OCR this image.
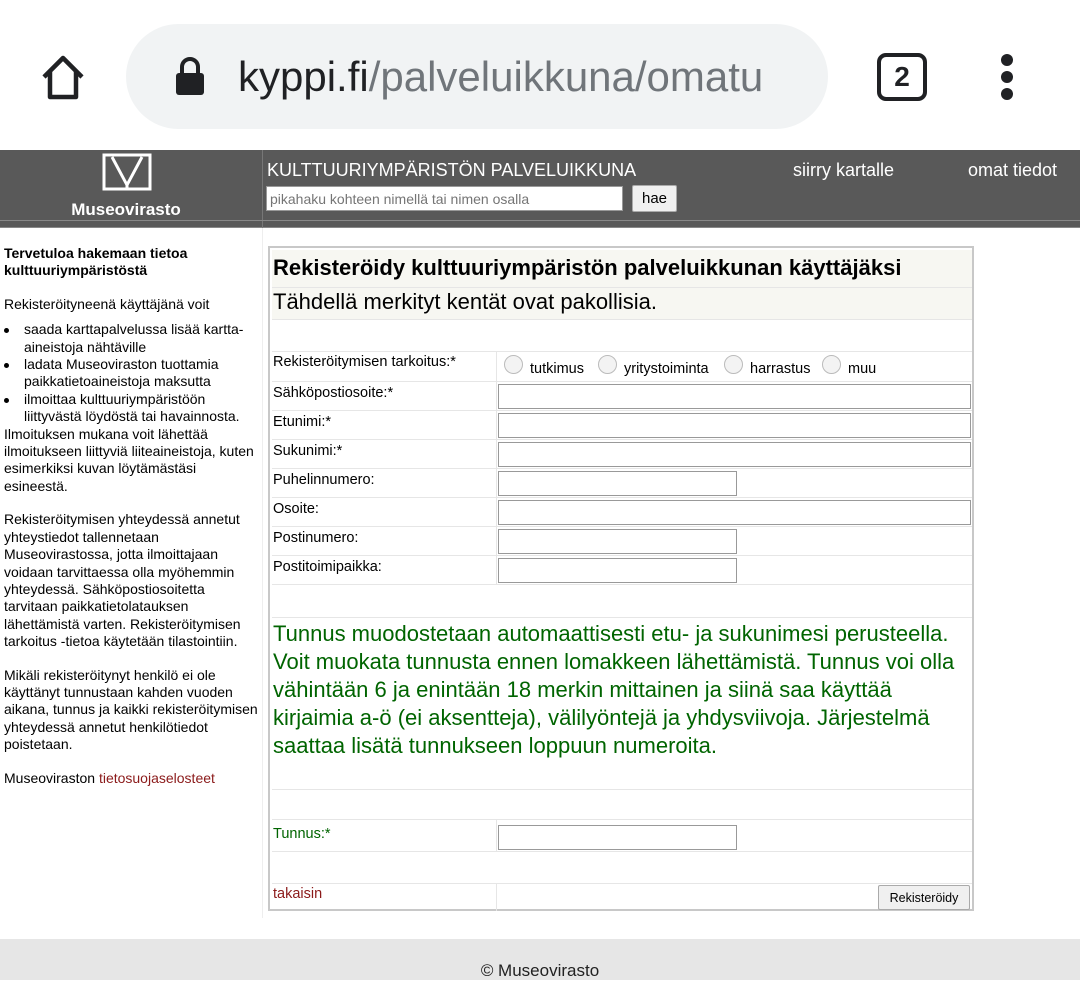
kyppi.fi/palveluikkuna/omatu	2
Museovirasto
KULTTUURIYMPÄRISTÖN PALVELUIKKUNA	siirry kartalle	omat tiedot
pikahaku kohteen nimellä tai nimen osalla
hae
Tervetuloa hakemaan tietoa kulttuuriympäristöstä
Rekisteröityneenä käyttäjänä voit
saada karttapalvelussa lisää kartta-aineistoja nähtäville
ladata Museoviraston tuottamia paikkatietoaineistoja maksutta
ilmoittaa kulttuuriympäristöön liittyvästä löydöstä tai havainnosta.
Ilmoituksen mukana voit lähettää ilmoitukseen liittyviä liiteaineistoja, kuten esimerkiksi kuvan löytämästäsi esineestä.
Rekisteröitymisen yhteydessä annetut yhteystiedot tallennetaan Museovirastossa, jotta ilmoittajaan voidaan tarvittaessa olla myöhemmin yhteydessä. Sähköpostiosoitetta tarvitaan paikkatietolatauksen lähettämistä varten. Rekisteröitymisen tarkoitus -tietoa käytetään tilastointiin.
Mikäli rekisteröitynyt henkilö ei ole käyttänyt tunnustaan kahden vuoden aikana, tunnus ja kaikki rekisteröitymisen yhteydessä annetut henkilötiedot poistetaan.
Museoviraston tietosuojaselosteet
Rekisteröidy kulttuuriympäristön palveluikkunan käyttäjäksi
Tähdellä merkityt kentät ovat pakollisia.
Rekisteröitymisen tarkoitus:*	tutkimus	yritystoiminta	harrastus	muu
Sähköpostiosoite:*
Etunimi:*
Sukunimi:*
Puhelinnumero:
Osoite:
Postinumero:
Postitoimipaikka:
Tunnus muodostetaan automaattisesti etu- ja sukunimesi perusteella. Voit muokata tunnusta ennen lomakkeen lähettämistä. Tunnus voi olla vähintään 6 ja enintään 18 merkin mittainen ja siinä saa käyttää kirjaimia a-ö (ei aksentteja), välilyöntejä ja yhdysviivoja. Järjestelmä saattaa lisätä tunnukseen loppuun numeroita.
Tunnus:*
takaisin	Rekisteröidy
© Museovirasto
